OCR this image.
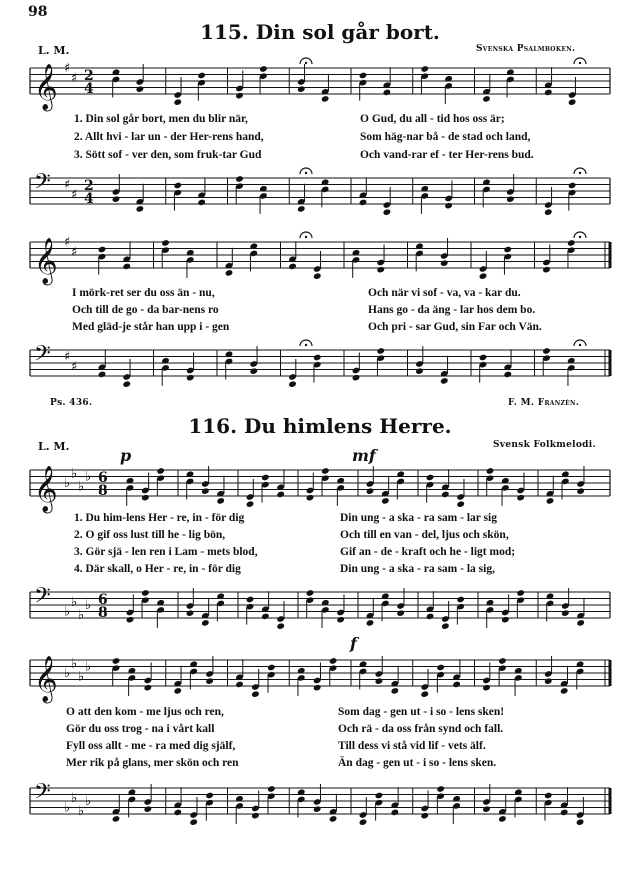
98
115. Din sol går bort.
L. M.	Svenska Psalmboken.
𝄞 ♯
♯ 2
4
1. Din sol går bort, men du blir när,	O Gud, du all - tid hos oss är;
2. Allt hvi - lar un - der Her-rens hand,	Som häg-nar bå - de stad och land,
3. Sött sof - ver den, som fruk-tar Gud	Och vand-rar ef - ter Her-rens bud.
𝄢 ♯
♯
2
4
𝄞 ♯
♯
I mörk-ret ser du oss än - nu,	Och när vi sof - va, va - kar du.
Och till de go - da bar-nens ro	Hans go - da äng - lar hos dem bo.
Med gläd-je står han upp i - gen	Och pri - sar Gud, sin Far och Vän.
𝄢 ♯
♯
Ps. 436.	F. M. Franzén.
116. Du himlens Herre.
L. M.	Svensk Folkmelodi.
p	mf
𝄞 ♭
♭
♭
♭ 6
8
1. Du him-lens Her - re, in - för dig	Din ung - a ska - ra sam - lar sig
2. O gif oss lust till he - lig bön,	Och till en van - del, ljus och skön,
3. Gör sjä - len ren i Lam - mets blod,	Gif an - de - kraft och he - ligt mod;
4. Där skall, o Her - re, in - för dig	Din ung - a ska - ra sam - la sig,
𝄢 ♭
♭
♭
♭ 6
8
f
𝄞 ♭
♭
♭
♭
O att den kom - me ljus och ren,	Som dag - gen ut - i so - lens sken!
Gör du oss trog - na i vårt kall	Och rä - da oss från synd och fall.
Fyll oss allt - me - ra med dig själf,	Till dess vi stå vid lif - vets älf.
Mer rik på glans, mer skön och ren	Än dag - gen ut - i so - lens sken.
𝄢 ♭
♭
♭
♭
